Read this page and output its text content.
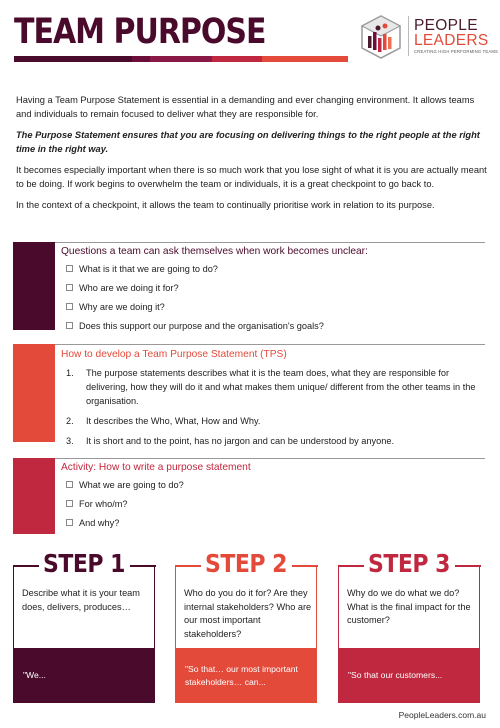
TEAM PURPOSE	PEOPLE
LEADERS
CREATING HIGH PERFORMING TEAMS

Having a Team Purpose Statement is essential in a demanding and ever changing environment. It allows teams and individuals to remain focused to deliver what they are responsible for.

The Purpose Statement ensures that you are focusing on delivering things to the right people at the right time in the right way.

It becomes especially important when there is so much work that you lose sight of what it is you are actually meant to be doing. If work begins to overwhelm the team or individuals, it is a great checkpoint to go back to.

In the context of a checkpoint, it allows the team to continually prioritise work in relation to its purpose.

Questions a team can ask themselves when work becomes unclear:
What is it that we are going to do?
Who are we doing it for?
Why are we doing it?
Does this support our purpose and the organisation's goals?
How to develop a Team Purpose Statement (TPS)
1.	The purpose statements describes what it is the team does, what they are responsible for delivering, how they will do it and what makes them unique/ different from the other teams in the organisation.
2.	It describes the Who, What, How and Why.
3.	It is short and to the point, has no jargon and can be understood by anyone.
Activity: How to write a purpose statement
What we are going to do?
For who/m?
And why?
STEP 1
Describe what it is your team does, delivers, produces…
"We...
STEP 2
Who do you do it for? Are they internal stakeholders? Who are our most important stakeholders?
"So that… our most important stakeholders… can...
STEP 3
Why do we do what we do? What is the final impact for the customer?
"So that our customers...
PeopleLeaders.com.au
